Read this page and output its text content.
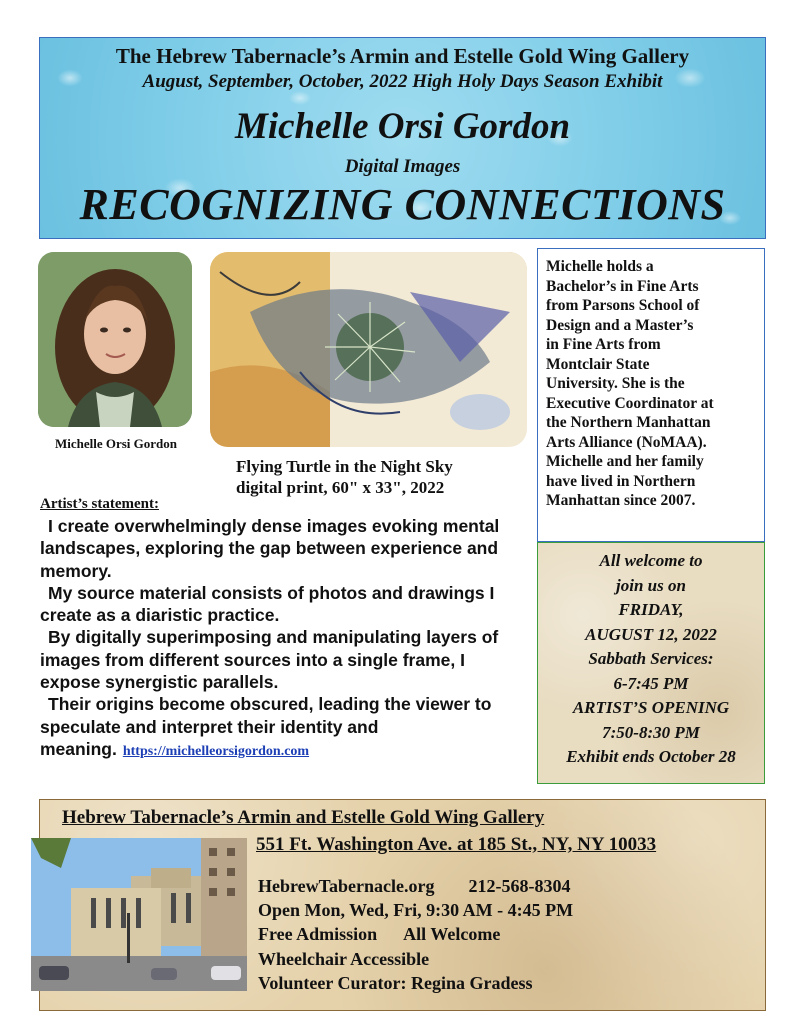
The Hebrew Tabernacle’s Armin and Estelle Gold Wing Gallery
August, September, October, 2022 High Holy Days Season Exhibit
Michelle Orsi Gordon
Digital Images
RECOGNIZING CONNECTIONS
Michelle Orsi Gordon
Flying Turtle in the Night Sky
digital print, 60" x 33", 2022
Michelle holds a
Bachelor’s in Fine Arts
from Parsons School of
Design and a Master’s
in Fine Arts from
Montclair State
University. She is the
Executive Coordinator at
the Northern Manhattan
Arts Alliance (NoMAA).
Michelle and her family
have lived in Northern
Manhattan since 2007.
All welcome to
join us on
FRIDAY,
AUGUST 12, 2022
Sabbath Services:
6-7:45 PM
ARTIST’S OPENING
7:50-8:30 PM
Exhibit ends October 28
Artist’s statement:

I create overwhelmingly dense images evoking mental landscapes, exploring the gap between experience and memory.

My source material consists of photos and drawings I create as a diaristic practice.

By digitally superimposing and manipulating layers of images from different sources into a single frame, I expose synergistic parallels.

Their origins become obscured, leading the viewer to speculate and interpret their identity and meaning. https://michelleorsigordon.com

Hebrew Tabernacle’s Armin and Estelle Gold Wing Gallery
551 Ft. Washington Ave. at 185 St., NY, NY 10033
HebrewTabernacle.org 212-568-8304
Open Mon, Wed, Fri, 9:30 AM - 4:45 PM
Free Admission All Welcome
Wheelchair Accessible
Volunteer Curator: Regina Gradess
